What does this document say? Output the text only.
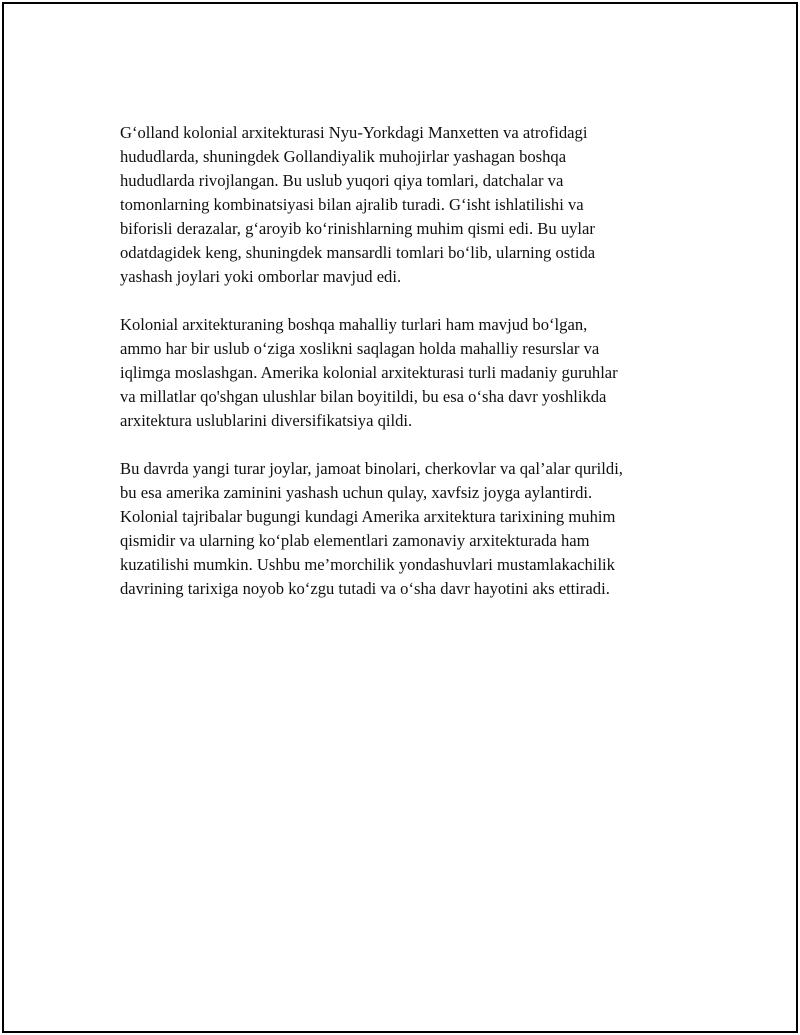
G‘olland kolonial arxitekturasi Nyu-Yorkdagi Manxetten va atrofidagi
hududlarda, shuningdek Gollandiyalik muhojirlar yashagan boshqa
hududlarda rivojlangan. Bu uslub yuqori qiya tomlari, datchalar va
tomonlarning kombinatsiyasi bilan ajralib turadi. G‘isht ishlatilishi va
biforisli derazalar, g‘aroyib ko‘rinishlarning muhim qismi edi. Bu uylar
odatdagidek keng, shuningdek mansardli tomlari bo‘lib, ularning ostida
yashash joylari yoki omborlar mavjud edi.

Kolonial arxitekturaning boshqa mahalliy turlari ham mavjud bo‘lgan,
ammo har bir uslub o‘ziga xoslikni saqlagan holda mahalliy resurslar va
iqlimga moslashgan. Amerika kolonial arxitekturasi turli madaniy guruhlar
va millatlar qo'shgan ulushlar bilan boyitildi, bu esa o‘sha davr yoshlikda
arxitektura uslublarini diversifikatsiya qildi.

Bu davrda yangi turar joylar, jamoat binolari, cherkovlar va qal’alar qurildi,
bu esa amerika zaminini yashash uchun qulay, xavfsiz joyga aylantirdi.
Kolonial tajribalar bugungi kundagi Amerika arxitektura tarixining muhim
qismidir va ularning ko‘plab elementlari zamonaviy arxitekturada ham
kuzatilishi mumkin. Ushbu me’morchilik yondashuvlari mustamlakachilik
davrining tarixiga noyob ko‘zgu tutadi va o‘sha davr hayotini aks ettiradi.
